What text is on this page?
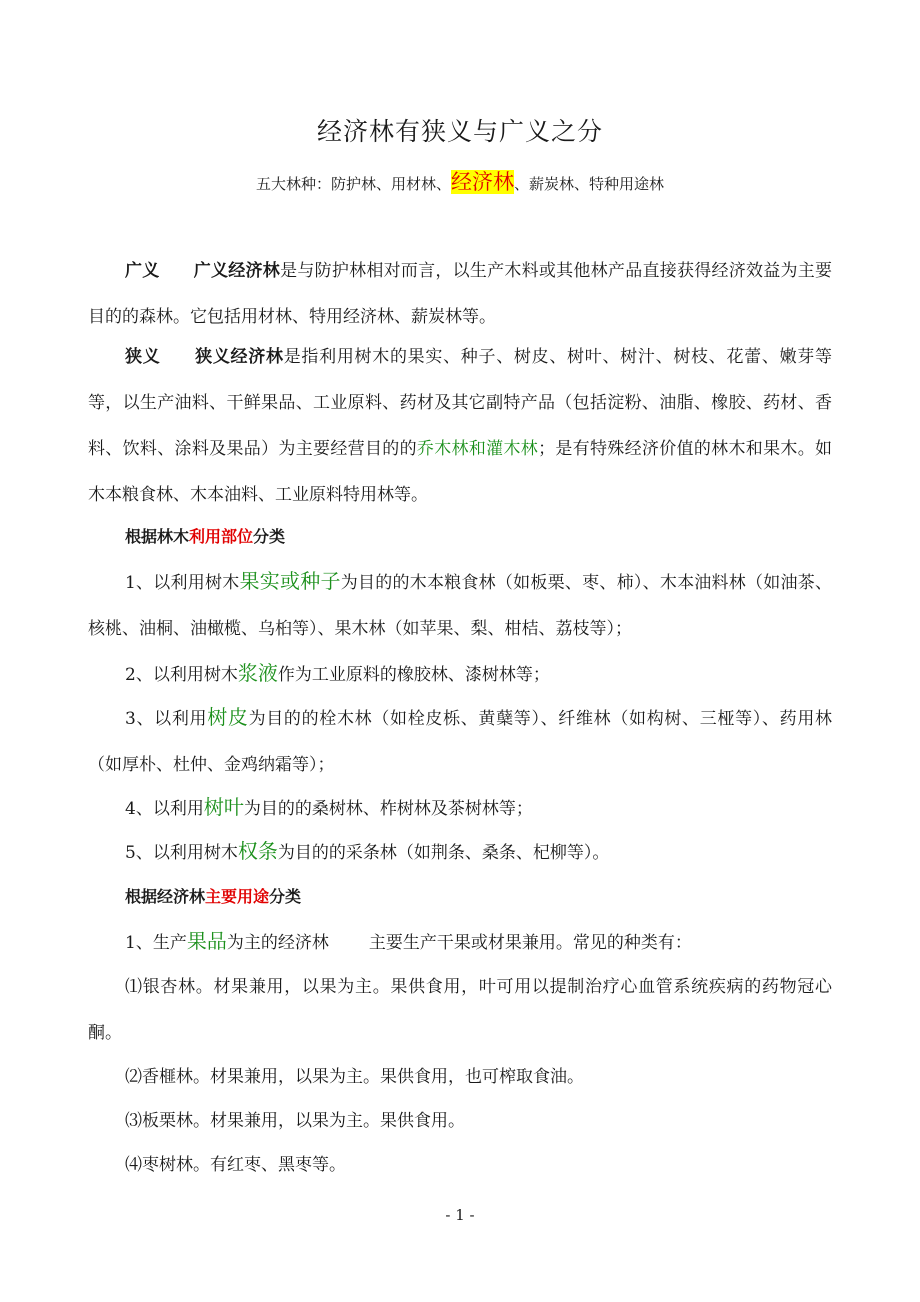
经济林有狭义与广义之分
五大林种：防护林、用材林、经济林、薪炭林、特种用途林
广义 广义经济林是与防护林相对而言，以生产木料或其他林产品直接获得经济效益为主要目的的森林。它包括用材林、特用经济林、薪炭林等。
狭义 狭义经济林是指利用树木的果实、种子、树皮、树叶、树汁、树枝、花蕾、嫩芽等等，以生产油料、干鲜果品、工业原料、药材及其它副特产品（包括淀粉、油脂、橡胶、药材、香料、饮料、涂料及果品）为主要经营目的的乔木林和灌木林；是有特殊经济价值的林木和果木。如木本粮食林、木本油料、工业原料特用林等。
根据林木利用部位分类
1、以利用树木果实或种子为目的的木本粮食林（如板栗、枣、柿）、木本油料林（如油茶、核桃、油桐、油橄榄、乌桕等）、果木林（如苹果、梨、柑桔、荔枝等）；
2、以利用树木浆液作为工业原料的橡胶林、漆树林等；
3、以利用树皮为目的的栓木林（如栓皮栎、黄蘖等）、纤维林（如构树、三桠等）、药用林（如厚朴、杜仲、金鸡纳霜等）；
4、以利用树叶为目的的桑树林、柞树林及茶树林等；
5、以利用树木权条为目的的采条林（如荆条、桑条、杞柳等）。
根据经济林主要用途分类
1、生产果品为主的经济林 主要生产干果或材果兼用。常见的种类有：
⑴银杏林。材果兼用，以果为主。果供食用，叶可用以提制治疗心血管系统疾病的药物冠心酮。
⑵香榧林。材果兼用，以果为主。果供食用，也可榨取食油。
⑶板栗林。材果兼用，以果为主。果供食用。
⑷枣树林。有红枣、黑枣等。
- 1 -
